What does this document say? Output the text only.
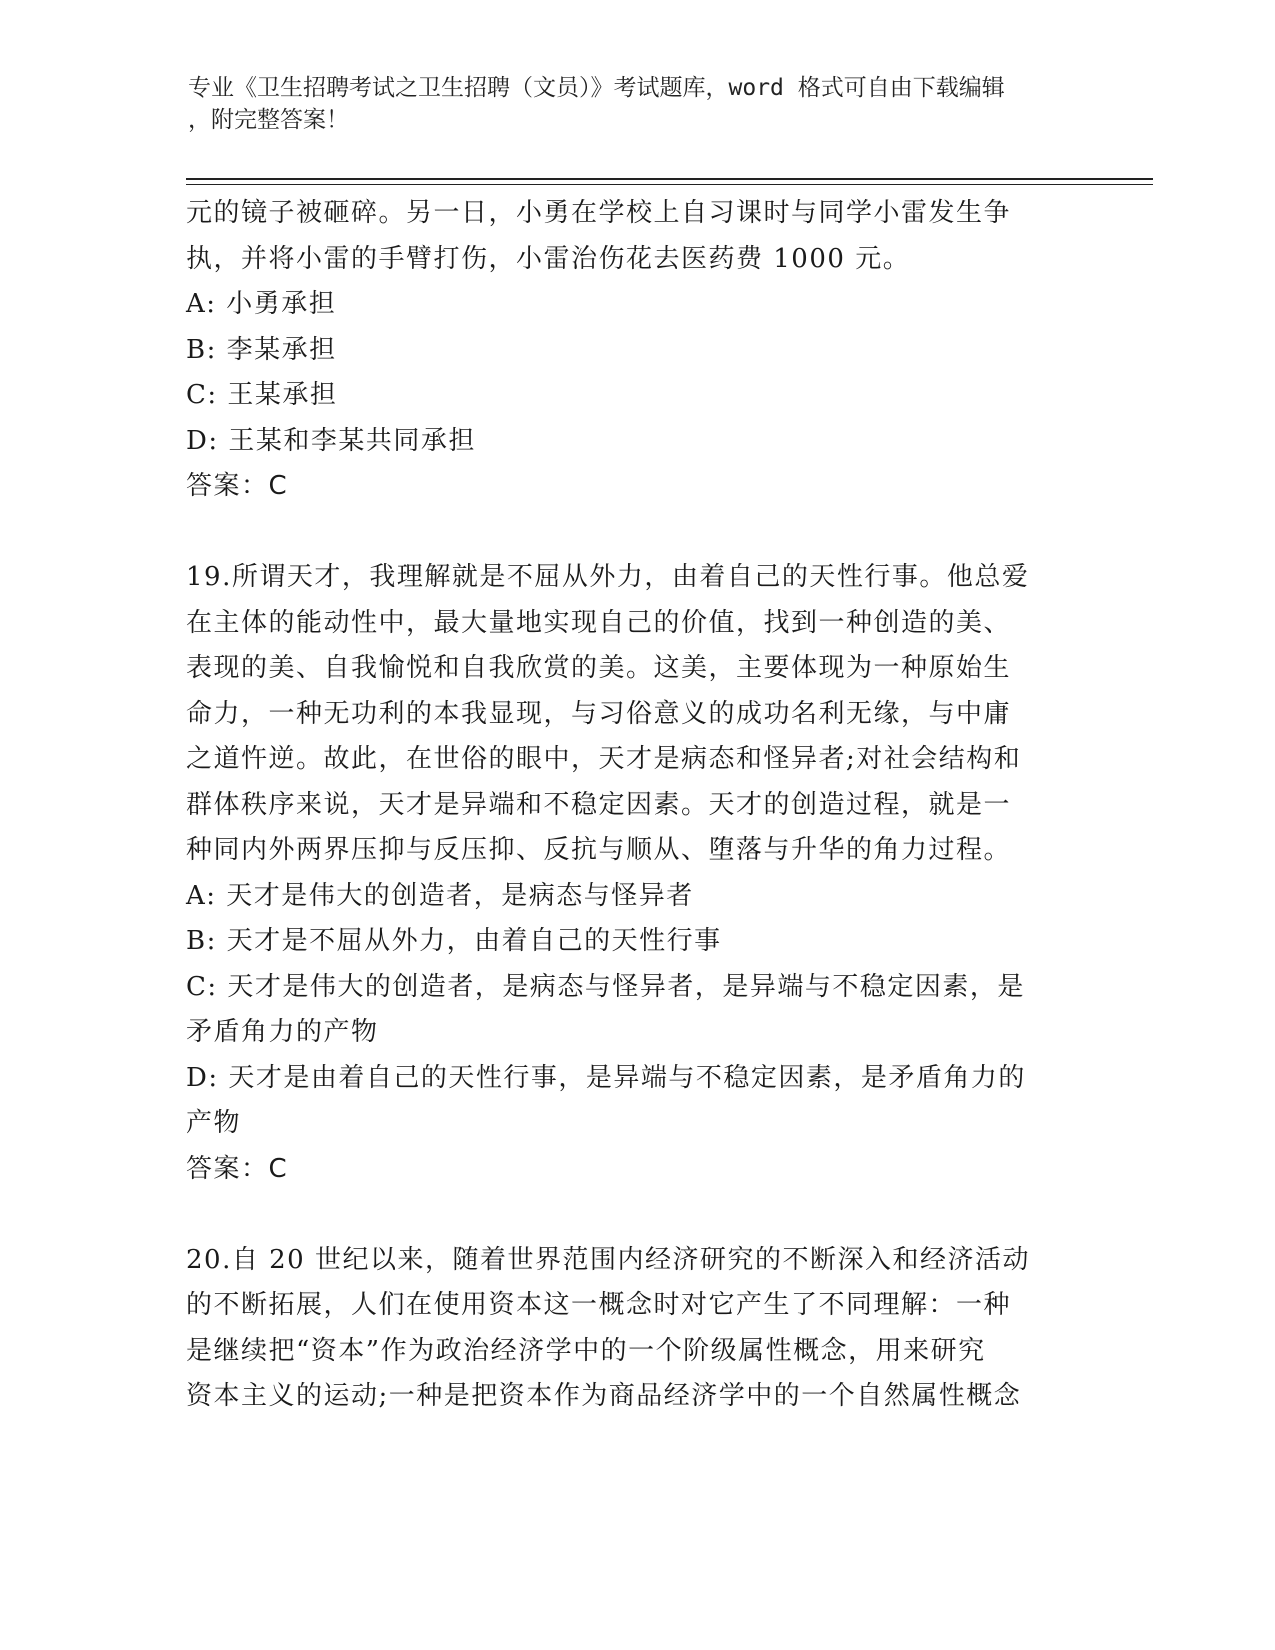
专业《卫生招聘考试之卫生招聘（文员）》考试题库，word 格式可自由下载编辑
，附完整答案！
元的镜子被砸碎。另一日，小勇在学校上自习课时与同学小雷发生争
执，并将小雷的手臂打伤，小雷治伤花去医药费 1000 元。
A: 小勇承担
B: 李某承担
C: 王某承担
D: 王某和李某共同承担
答案：C
19.所谓天才，我理解就是不屈从外力，由着自己的天性行事。他总爱
在主体的能动性中，最大量地实现自己的价值，找到一种创造的美、
表现的美、自我愉悦和自我欣赏的美。这美，主要体现为一种原始生
命力，一种无功利的本我显现，与习俗意义的成功名利无缘，与中庸
之道忤逆。故此，在世俗的眼中，天才是病态和怪异者;对社会结构和
群体秩序来说，天才是异端和不稳定因素。天才的创造过程，就是一
种同内外两界压抑与反压抑、反抗与顺从、堕落与升华的角力过程。
A: 天才是伟大的创造者，是病态与怪异者
B: 天才是不屈从外力，由着自己的天性行事
C: 天才是伟大的创造者，是病态与怪异者，是异端与不稳定因素，是
矛盾角力的产物
D: 天才是由着自己的天性行事，是异端与不稳定因素，是矛盾角力的
产物
答案：C
20.自 20 世纪以来，随着世界范围内经济研究的不断深入和经济活动
的不断拓展，人们在使用资本这一概念时对它产生了不同理解：一种
是继续把“资本”作为政治经济学中的一个阶级属性概念，用来研究
资本主义的运动;一种是把资本作为商品经济学中的一个自然属性概念
